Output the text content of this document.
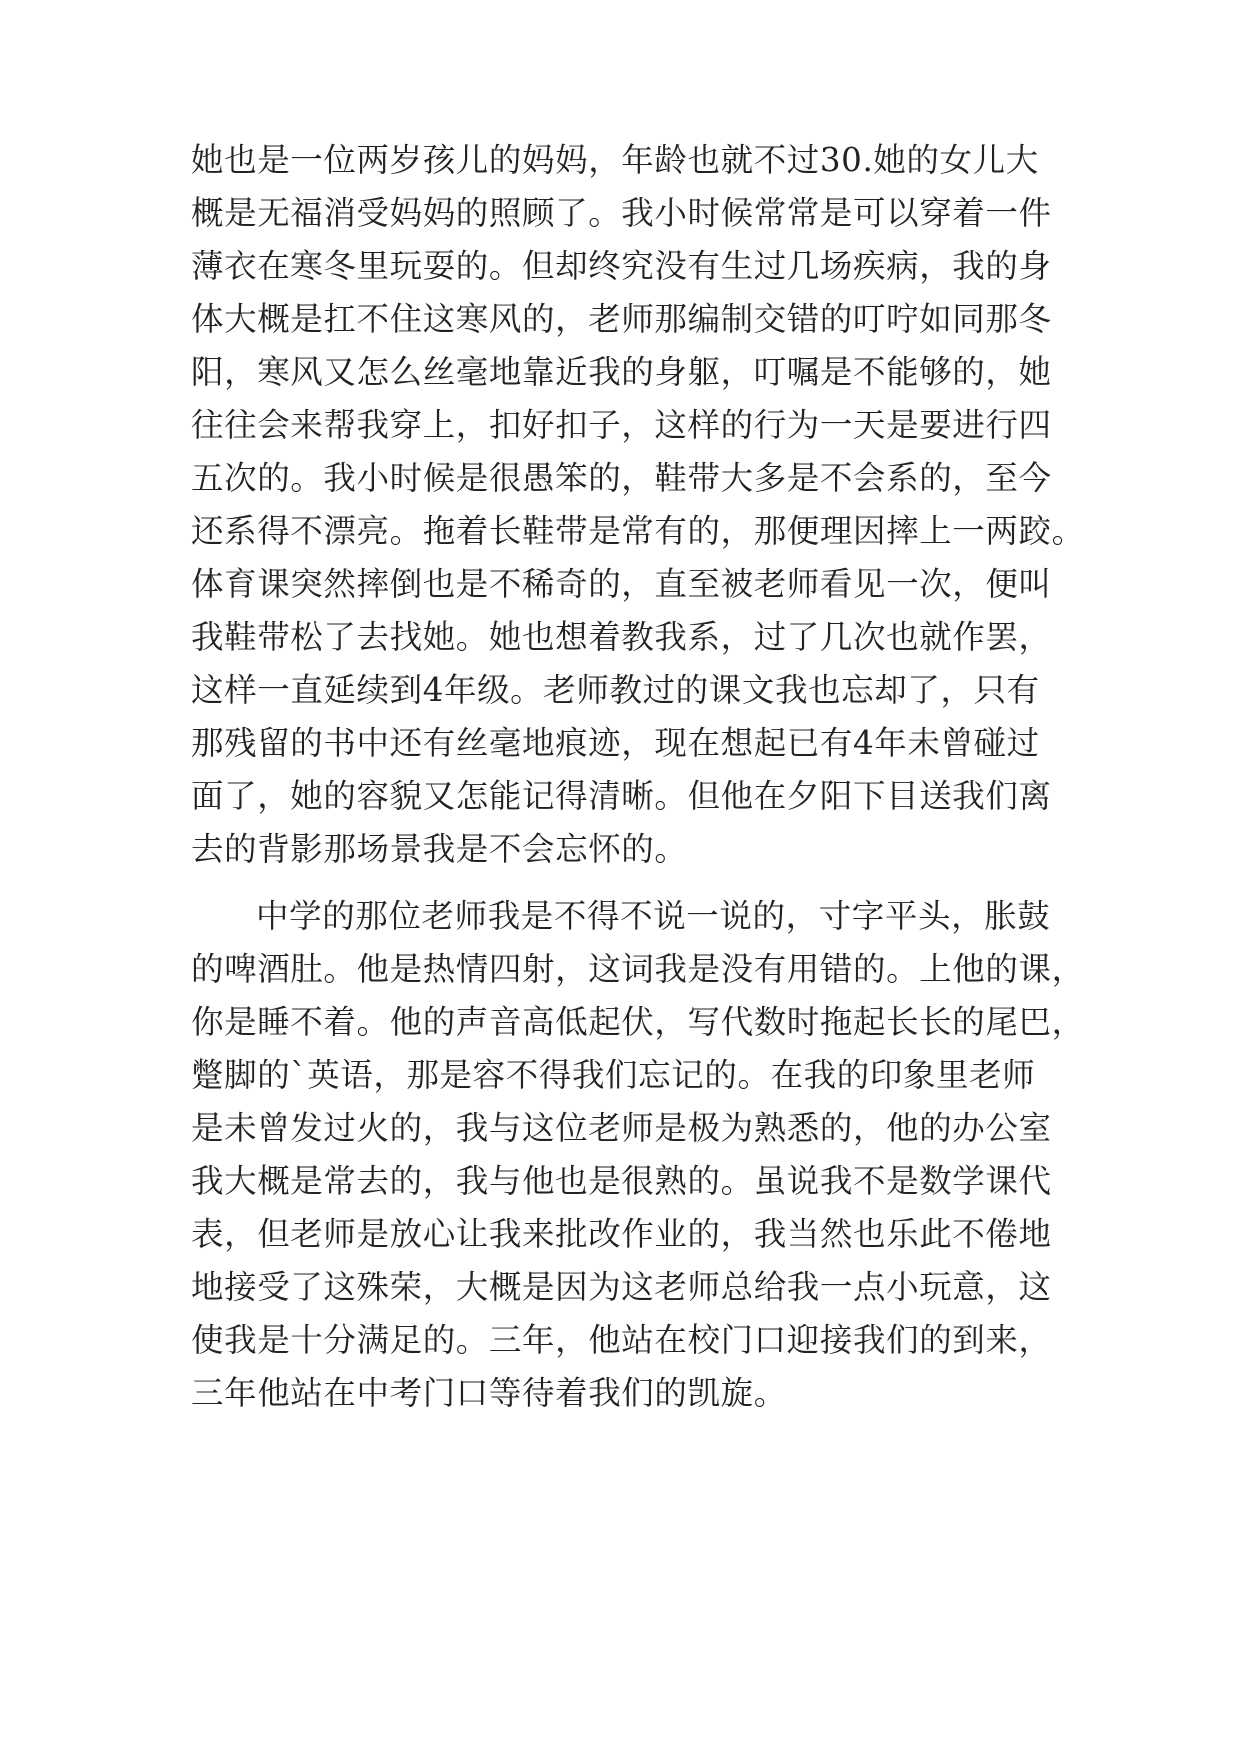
她也是一位两岁孩儿的妈妈，年龄也就不过30.她的女儿大
概是无福消受妈妈的照顾了。我小时候常常是可以穿着一件
薄衣在寒冬里玩耍的。但却终究没有生过几场疾病，我的身
体大概是扛不住这寒风的，老师那编制交错的叮咛如同那冬
阳，寒风又怎么丝毫地靠近我的身躯，叮嘱是不能够的，她
往往会来帮我穿上，扣好扣子，这样的行为一天是要进行四
五次的。我小时候是很愚笨的，鞋带大多是不会系的，至今
还系得不漂亮。拖着长鞋带是常有的，那便理因摔上一两跤。
体育课突然摔倒也是不稀奇的，直至被老师看见一次，便叫
我鞋带松了去找她。她也想着教我系，过了几次也就作罢，
这样一直延续到4年级。老师教过的课文我也忘却了，只有
那残留的书中还有丝毫地痕迹，现在想起已有4年未曾碰过
面了，她的容貌又怎能记得清晰。但他在夕阳下目送我们离
去的背影那场景我是不会忘怀的。
中学的那位老师我是不得不说一说的，寸字平头，胀鼓
的啤酒肚。他是热情四射，这词我是没有用错的。上他的课，
你是睡不着。他的声音高低起伏，写代数时拖起长长的尾巴，
蹩脚的`英语，那是容不得我们忘记的。在我的印象里老师
是未曾发过火的，我与这位老师是极为熟悉的，他的办公室
我大概是常去的，我与他也是很熟的。虽说我不是数学课代
表，但老师是放心让我来批改作业的，我当然也乐此不倦地
地接受了这殊荣，大概是因为这老师总给我一点小玩意，这
使我是十分满足的。三年，他站在校门口迎接我们的到来，
三年他站在中考门口等待着我们的凯旋。
